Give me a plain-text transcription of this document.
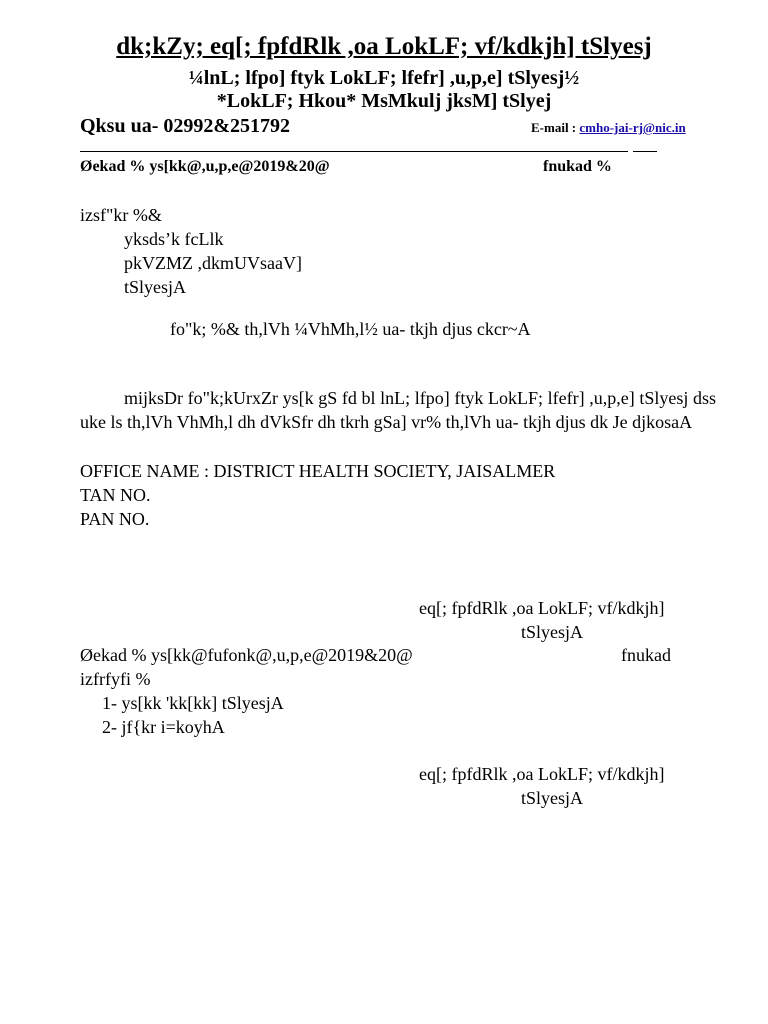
dk;kZy; eq[; fpfdRlk ,oa LokLF; vf/kdkjh] tSlyesj
¼lnL; lfpo] ftyk LokLF; lfefr] ,u,p,e] tSlyesj½
*LokLF; Hkou* MsMkulj jksM] tSlyej
Qksu ua- 02992&251792	E-mail : cmho-jai-rj@nic.in
Øekad % ys[kk@,u,p,e@2019&20@	fnukad %
izsf"kr %&
yksds’k fcLlk
pkVZMZ ,dkmUVsaaV]
tSlyesjA
fo"k; %& th,lVh ¼VhMh,l½ ua- tkjh djus ckcr~A
mijksDr fo"k;kUrxZr ys[k gS fd bl lnL; lfpo] ftyk LokLF; lfefr] ,u,p,e] tSlyesj dss uke ls th,lVh VhMh,l dh dVkSfr dh tkrh gSa] vr% th,lVh ua- tkjh djus dk Je djkosaA
OFFICE NAME : DISTRICT HEALTH SOCIETY, JAISALMER
TAN NO.
PAN NO.
eq[; fpfdRlk ,oa LokLF; vf/kdkjh]
tSlyesjA
Øekad % ys[kk@fufonk@,u,p,e@2019&20@	fnukad
izfrfyfi %
1- ys[kk 'kk[kk] tSlyesjA
2- jf{kr i=koyhA
eq[; fpfdRlk ,oa LokLF; vf/kdkjh]
tSlyesjA
